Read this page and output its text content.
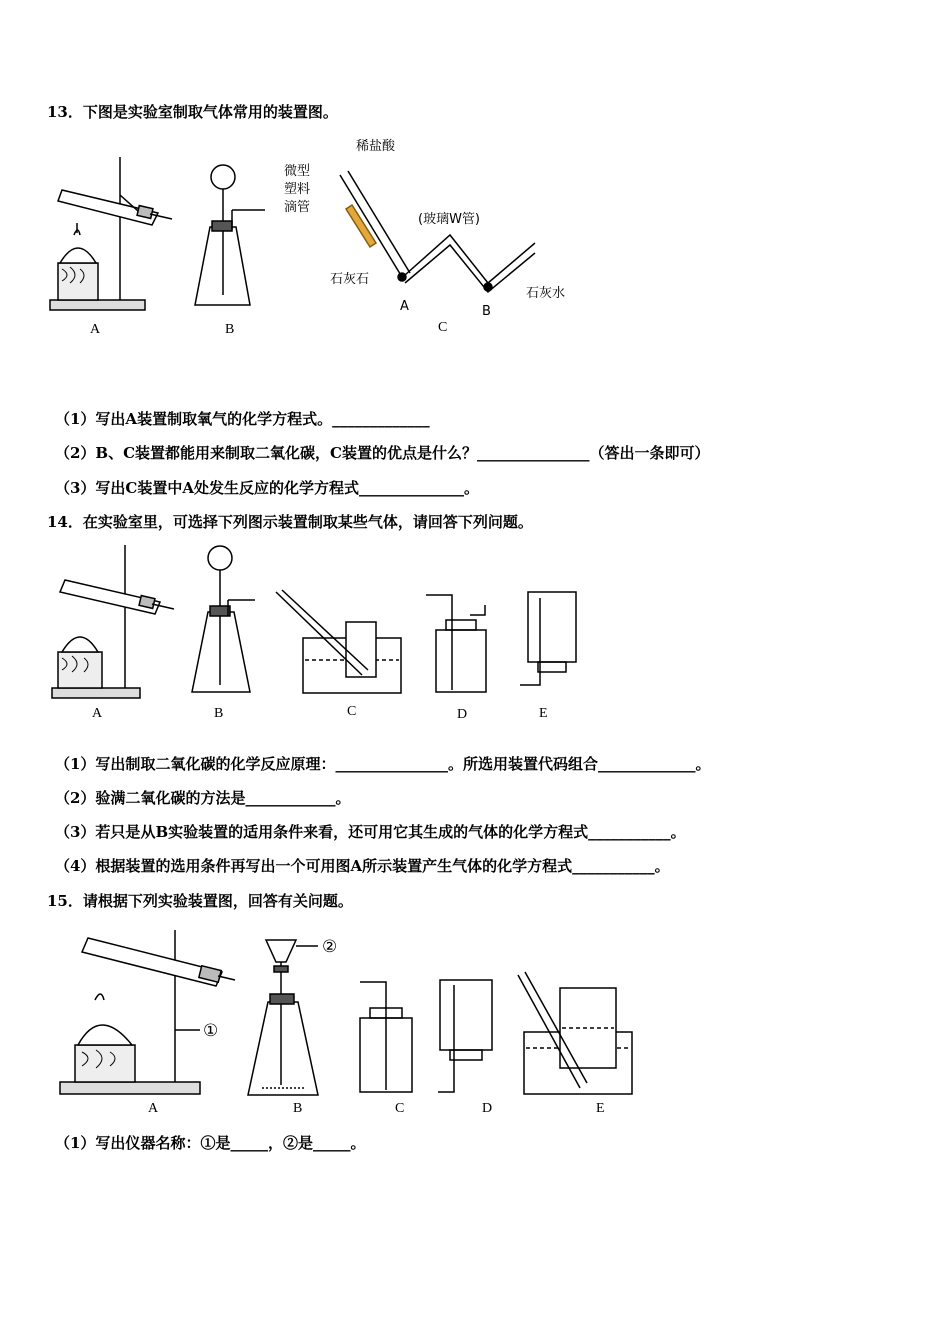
13．下图是实验室制取气体常用的装置图。
A	B
稀盐酸
微型
塑料
滴管
(玻璃W管)
石灰石
石灰水
A	B
C
（1）写出A装置制取氧气的化学方程式。_____________
（2）B、C装置都能用来制取二氧化碳，C装置的优点是什么？_______________（答出一条即可）
（3）写出C装置中A处发生反应的化学方程式______________。
14．在实验室里，可选择下列图示装置制取某些气体，请回答下列问题。
A	B	C	D	E
（1）写出制取二氧化碳的化学反应原理：_______________。所选用装置代码组合_____________。
（2）验满二氧化碳的方法是____________。
（3）若只是从B实验装置的适用条件来看，还可用它其生成的气体的化学方程式___________。
（4）根据装置的选用条件再写出一个可用图A所示装置产生气体的化学方程式___________。
15．请根据下列实验装置图，回答有关问题。
①
A
②
B	C	D	E
（1）写出仪器名称：①是_____，②是_____。
